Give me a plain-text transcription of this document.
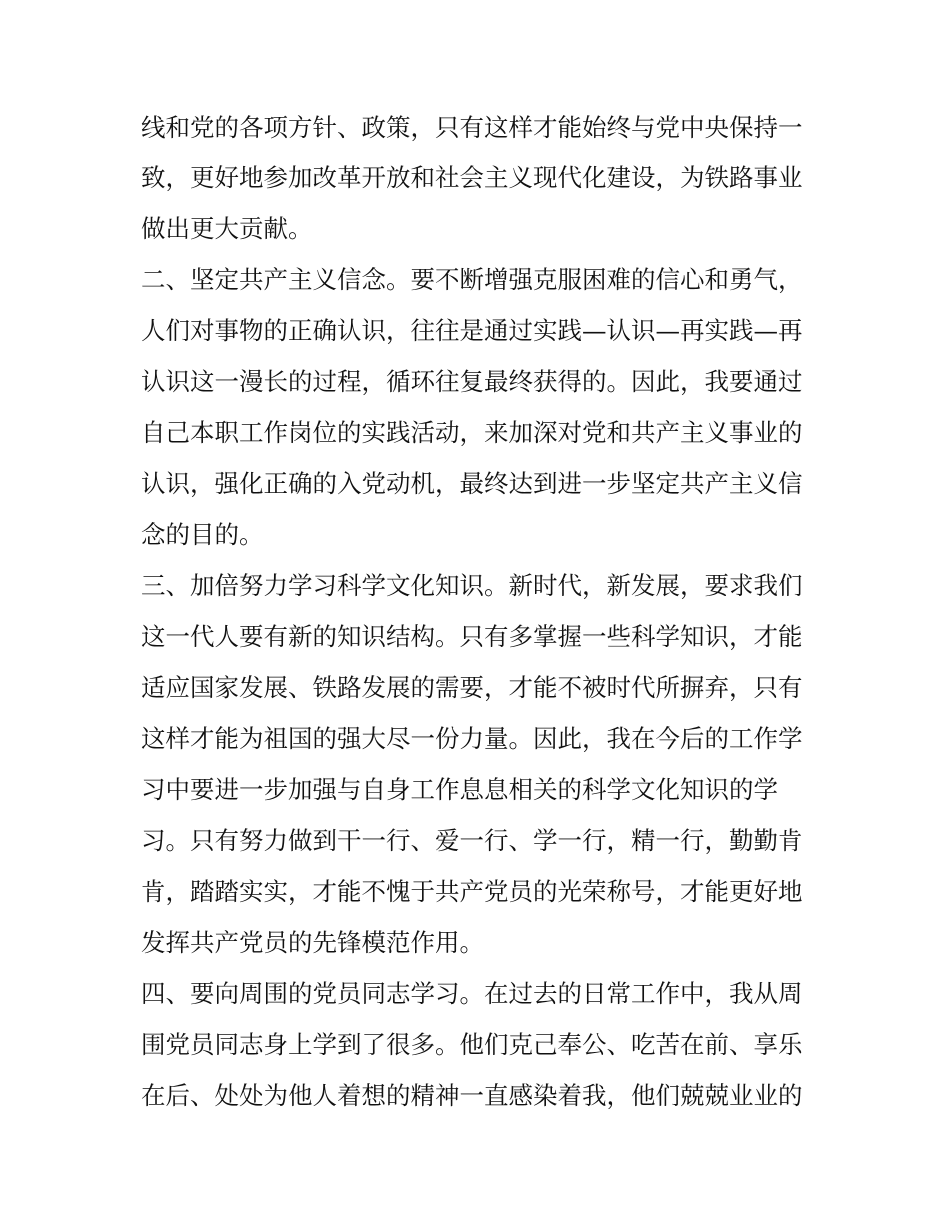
线和党的各项方针、政策，只有这样才能始终与党中央保持一
致，更好地参加改革开放和社会主义现代化建设，为铁路事业
做出更大贡献。
二、坚定共产主义信念。要不断增强克服困难的信心和勇气，
人们对事物的正确认识，往往是通过实践—认识—再实践—再
认识这一漫长的过程，循环往复最终获得的。因此，我要通过
自己本职工作岗位的实践活动，来加深对党和共产主义事业的
认识，强化正确的入党动机，最终达到进一步坚定共产主义信
念的目的。
三、加倍努力学习科学文化知识。新时代，新发展，要求我们
这一代人要有新的知识结构。只有多掌握一些科学知识，才能
适应国家发展、铁路发展的需要，才能不被时代所摒弃，只有
这样才能为祖国的强大尽一份力量。因此，我在今后的工作学
习中要进一步加强与自身工作息息相关的科学文化知识的学
习。只有努力做到干一行、爱一行、学一行，精一行，勤勤肯
肯，踏踏实实，才能不愧于共产党员的光荣称号，才能更好地
发挥共产党员的先锋模范作用。
四、要向周围的党员同志学习。在过去的日常工作中，我从周
围党员同志身上学到了很多。他们克己奉公、吃苦在前、享乐
在后、处处为他人着想的精神一直感染着我，他们兢兢业业的
